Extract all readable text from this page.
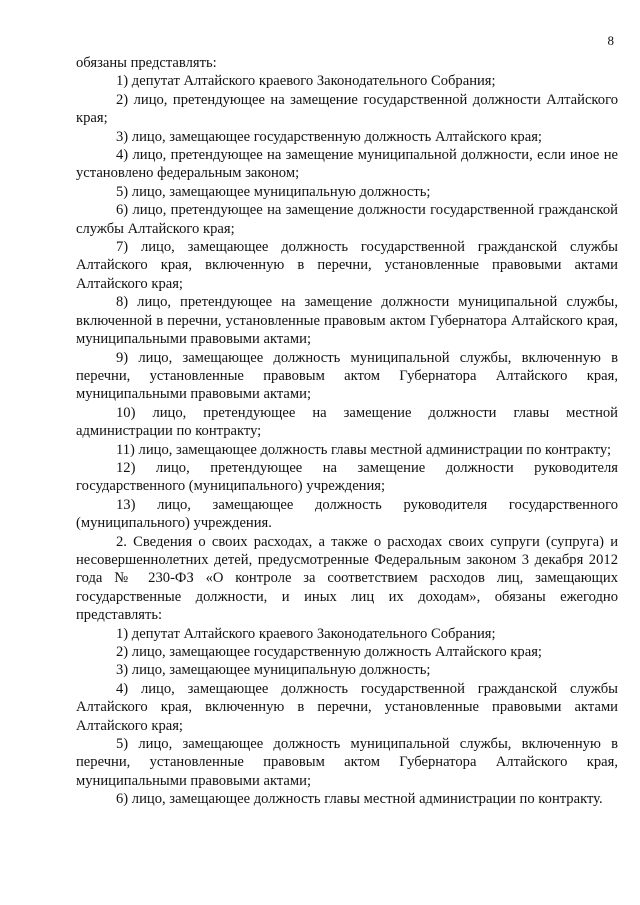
8

обязаны представлять:

1) депутат Алтайского краевого Законодательного Собрания;

2) лицо, претендующее на замещение государственной должности Алтайского края;

3) лицо, замещающее государственную должность Алтайского края;

4) лицо, претендующее на замещение муниципальной должности, если иное не установлено федеральным законом;

5) лицо, замещающее муниципальную должность;

6) лицо, претендующее на замещение должности государственной гражданской службы Алтайского края;

7) лицо, замещающее должность государственной гражданской службы Алтайского края, включенную в перечни, установленные правовыми актами Алтайского края;

8) лицо, претендующее на замещение должности муниципальной службы, включенной в перечни, установленные правовым актом Губернатора Алтайского края, муниципальными правовыми актами;

9) лицо, замещающее должность муниципальной службы, включенную в перечни, установленные правовым актом Губернатора Алтайского края, муниципальными правовыми актами;

10) лицо, претендующее на замещение должности главы местной администрации по контракту;

11) лицо, замещающее должность главы местной администрации по контракту;

12) лицо, претендующее на замещение должности руководителя государственного (муниципального) учреждения;

13) лицо, замещающее должность руководителя государственного (муниципального) учреждения.

2. Сведения о своих расходах, а также о расходах своих супруги (супруга) и несовершеннолетних детей, предусмотренные Федеральным законом 3 декабря 2012 года № 230-ФЗ «О контроле за соответствием расходов лиц, замещающих государственные должности, и иных лиц их доходам», обязаны ежегодно представлять:

1) депутат Алтайского краевого Законодательного Собрания;

2) лицо, замещающее государственную должность Алтайского края;

3) лицо, замещающее муниципальную должность;

4) лицо, замещающее должность государственной гражданской службы Алтайского края, включенную в перечни, установленные правовыми актами Алтайского края;

5) лицо, замещающее должность муниципальной службы, включенную в перечни, установленные правовым актом Губернатора Алтайского края, муниципальными правовыми актами;

6) лицо, замещающее должность главы местной администрации по контракту.
